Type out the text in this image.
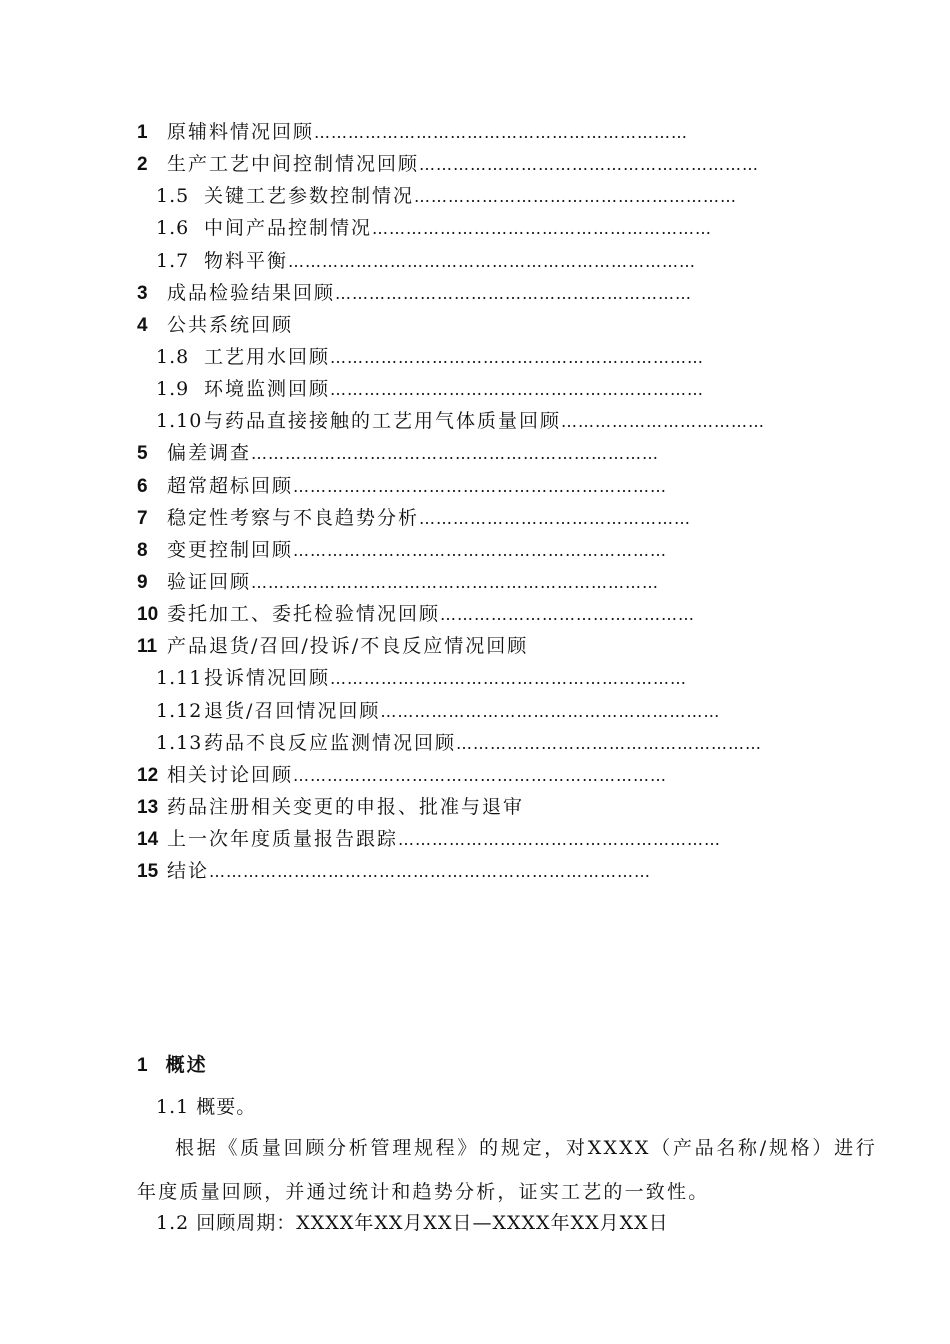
1	原辅料情况回顾 …………………………………………………………
2	生产工艺中间控制情况回顾 ……………………………………………………
1.5 关键工艺参数控制情况 …………………………………………………
1.6 中间产品控制情况 ……………………………………………………
1.7 物料平衡 ………………………………………………………………
3	成品检验结果回顾 ………………………………………………………
4	公共系统回顾
1.8 工艺用水回顾 …………………………………………………………
1.9 环境监测回顾 …………………………………………………………
1.10 与药品直接接触的工艺用气体质量回顾 ………………………………
5	偏差调查 ………………………………………………………………
6	超常超标回顾 …………………………………………………………
7	稳定性考察与不良趋势分析 …………………………………………
8	变更控制回顾 …………………………………………………………
9	验证回顾 ………………………………………………………………
10 委托加工、委托检验情况回顾 ………………………………………
11 产品退货/召回/投诉/不良反应情况回顾
1.11 投诉情况回顾 ………………………………………………………
1.12 退货/召回情况回顾 ……………………………………………………
1.13 药品不良反应监测情况回顾 ………………………………………………
12 相关讨论回顾 …………………………………………………………
13 药品注册相关变更的申报、批准与退审
14 上一次年度质量报告跟踪 …………………………………………………
15 结论 ……………………………………………………………………
1 概述
1.1 概要。
根据《质量回顾分析管理规程》的规定，对XXXX（产品名称/规格）进行年度质量回顾，并通过统计和趋势分析，证实工艺的一致性。
1.2 回顾周期：XXXX年XX月XX日—XXXX年XX月XX日
